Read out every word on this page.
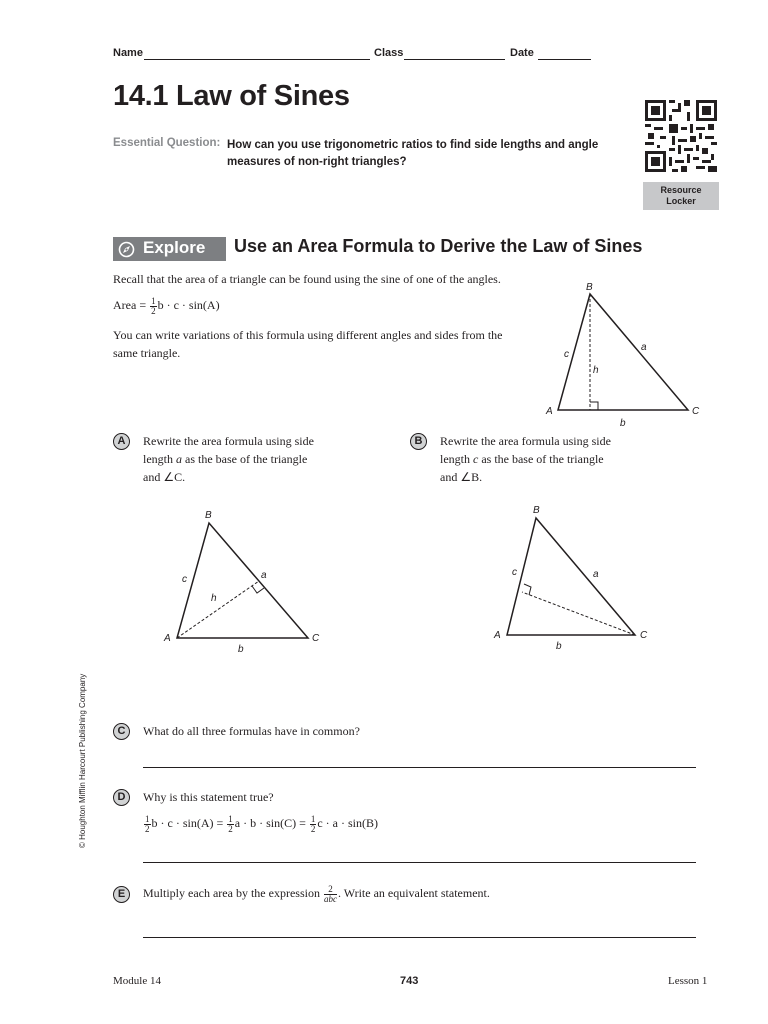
Name	Class	Date
14.1 Law of Sines
Essential Question: How can you use trigonometric ratios to find side lengths and angle measures of non-right triangles?
Resource
Locker
Explore Use an Area Formula to Derive the Law of Sines
Recall that the area of a triangle can be found using the sine of one of the angles.
Area = $\frac{1}{2}$ b · c · sin(A)
You can write variations of this formula using different angles and sides from the same triangle.
B
A	C
a
c
h
b
A	Rewrite the area formula using side
length a as the base of the triangle
and ∠C.
B	Rewrite the area formula using side
length c as the base of the triangle
and ∠B.
B
A	C
a
c
h
b
B
A	C
a
c
b
C	What do all three formulas have in common?
D	Why is this statement true?
$\frac{1}{2}$ $b \cdot c \cdot \sin(A) = \frac{1}{2}$ $a \cdot b \cdot \sin(C) = \frac{1}{2}$ c · a · sin(B)
E	Multiply each area by the expression $\frac{2}{\text{abc}}$ . Write an equivalent statement.
© Houghton Mifflin Harcourt Publishing Company
Module 14	743	Lesson 1
